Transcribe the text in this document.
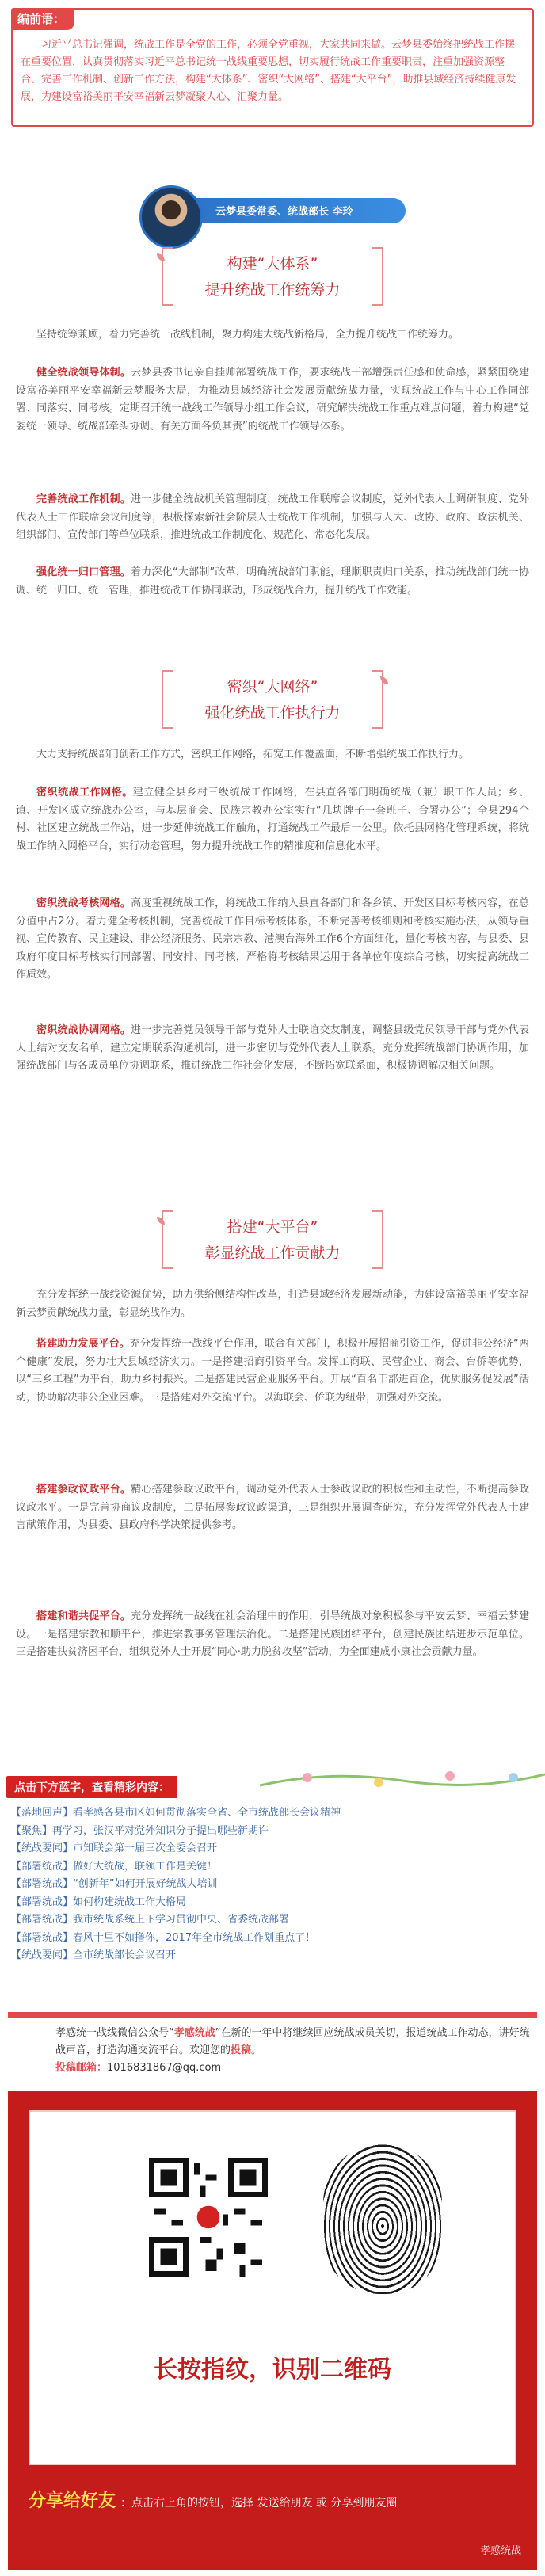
编前语：
习近平总书记强调，统战工作是全党的工作，必须全党重视，大家共同来做。云梦县委始终把统战工作摆在重要位置，认真贯彻落实习近平总书记统一战线重要思想，切实履行统战工作重要职责，注重加强资源整合、完善工作机制、创新工作方法，构建“大体系”、密织“大网络”、搭建“大平台”，助推县域经济持续健康发展，为建设富裕美丽平安幸福新云梦凝聚人心、汇聚力量。
云梦县委常委、统战部长 李玲
构建“大体系”
提升统战工作统筹力
坚持统筹兼顾，着力完善统一战线机制，聚力构建大统战新格局，全力提升统战工作统筹力。
健全统战领导体制。云梦县委书记亲自挂帅部署统战工作，要求统战干部增强责任感和使命感，紧紧围绕建设富裕美丽平安幸福新云梦服务大局，为推动县域经济社会发展贡献统战力量，实现统战工作与中心工作同部署、同落实、同考核。定期召开统一战线工作领导小组工作会议，研究解决统战工作重点难点问题，着力构建“党委统一领导、统战部牵头协调、有关方面各负其责”的统战工作领导体系。
完善统战工作机制。进一步健全统战机关管理制度，统战工作联席会议制度，党外代表人士调研制度、党外代表人士工作联席会议制度等，积极探索新社会阶层人士统战工作机制，加强与人大、政协、政府、政法机关、组织部门、宣传部门等单位联系，推进统战工作制度化、规范化、常态化发展。
强化统一归口管理。着力深化“大部制”改革，明确统战部门职能，理顺职责归口关系，推动统战部门统一协调、统一归口、统一管理，推进统战工作协同联动，形成统战合力，提升统战工作效能。
密织“大网络”
强化统战工作执行力
大力支持统战部门创新工作方式，密织工作网络，拓宽工作覆盖面，不断增强统战工作执行力。
密织统战工作网格。建立健全县乡村三级统战工作网络，在县直各部门明确统战（兼）职工作人员；乡、镇、开发区成立统战办公室，与基层商会、民族宗教办公室实行“几块牌子一套班子、合署办公”；全县294个村、社区建立统战工作站，进一步延伸统战工作触角，打通统战工作最后一公里。依托县网格化管理系统，将统战工作纳入网格平台，实行动态管理，努力提升统战工作的精准度和信息化水平。
密织统战考核网格。高度重视统战工作，将统战工作纳入县直各部门和各乡镇、开发区目标考核内容，在总分值中占2分。着力健全考核机制，完善统战工作目标考核体系，不断完善考核细则和考核实施办法，从领导重视、宣传教育、民主建设、非公经济服务、民宗宗教、港澳台海外工作6个方面细化，量化考核内容，与县委、县政府年度目标考核实行同部署、同安排、同考核，严格将考核结果运用于各单位年度综合考核，切实提高统战工作质效。
密织统战协调网格。进一步完善党员领导干部与党外人士联谊交友制度，调整县级党员领导干部与党外代表人士结对交友名单，建立定期联系沟通机制，进一步密切与党外代表人士联系。充分发挥统战部门协调作用，加强统战部门与各成员单位协调联系，推进统战工作社会化发展，不断拓宽联系面，积极协调解决相关问题。
搭建“大平台”
彰显统战工作贡献力
充分发挥统一战线资源优势，助力供给侧结构性改革，打造县域经济发展新动能，为建设富裕美丽平安幸福新云梦贡献统战力量，彰显统战作为。
搭建助力发展平台。充分发挥统一战线平台作用，联合有关部门，积极开展招商引资工作，促进非公经济“两个健康”发展，努力壮大县域经济实力。一是搭建招商引资平台。发挥工商联、民营企业、商会、台侨等优势，以“三乡工程”为平台，助力乡村振兴。二是搭建民营企业服务平台。开展“百名干部进百企，优质服务促发展”活动，协助解决非公企业困难。三是搭建对外交流平台。以海联会、侨联为纽带，加强对外交流。
搭建参政议政平台。精心搭建参政议政平台，调动党外代表人士参政议政的积极性和主动性，不断提高参政议政水平。一是完善协商议政制度，二是拓展参政议政渠道，三是组织开展调查研究，充分发挥党外代表人士建言献策作用，为县委、县政府科学决策提供参考。
搭建和谐共促平台。充分发挥统一战线在社会治理中的作用，引导统战对象积极参与平安云梦、幸福云梦建设。一是搭建宗教和顺平台，推进宗教事务管理法治化。二是搭建民族团结平台，创建民族团结进步示范单位。三是搭建扶贫济困平台，组织党外人士开展“同心·助力脱贫攻坚”活动，为全面建成小康社会贡献力量。
点击下方蓝字，查看精彩内容：
【落地回声】看孝感各县市区如何贯彻落实全省、全市统战部长会议精神
【聚焦】再学习，张汉平对党外知识分子提出哪些新期许
【统战要闻】市知联会第一届三次全委会召开
【部署统战】做好大统战，联领工作是关键！
【部署统战】“创新年”如何开展好统战大培训
【部署统战】如何构建统战工作大格局
【部署统战】我市统战系统上下学习贯彻中央、省委统战部署
【部署统战】春风十里不如撸你，2017年全市统战工作划重点了！
【统战要闻】全市统战部长会议召开
孝感统一战线微信公众号“孝感统战”在新的一年中将继续回应统战成员关切，报道统战工作动态，讲好统战声音，打造沟通交流平台。欢迎您的投稿。
投稿邮箱：1016831867@qq.com
长按指纹，识别二维码
分享给好友 ：点击右上角的按钮，选择 发送给朋友 或 分享到朋友圈
孝感统战
